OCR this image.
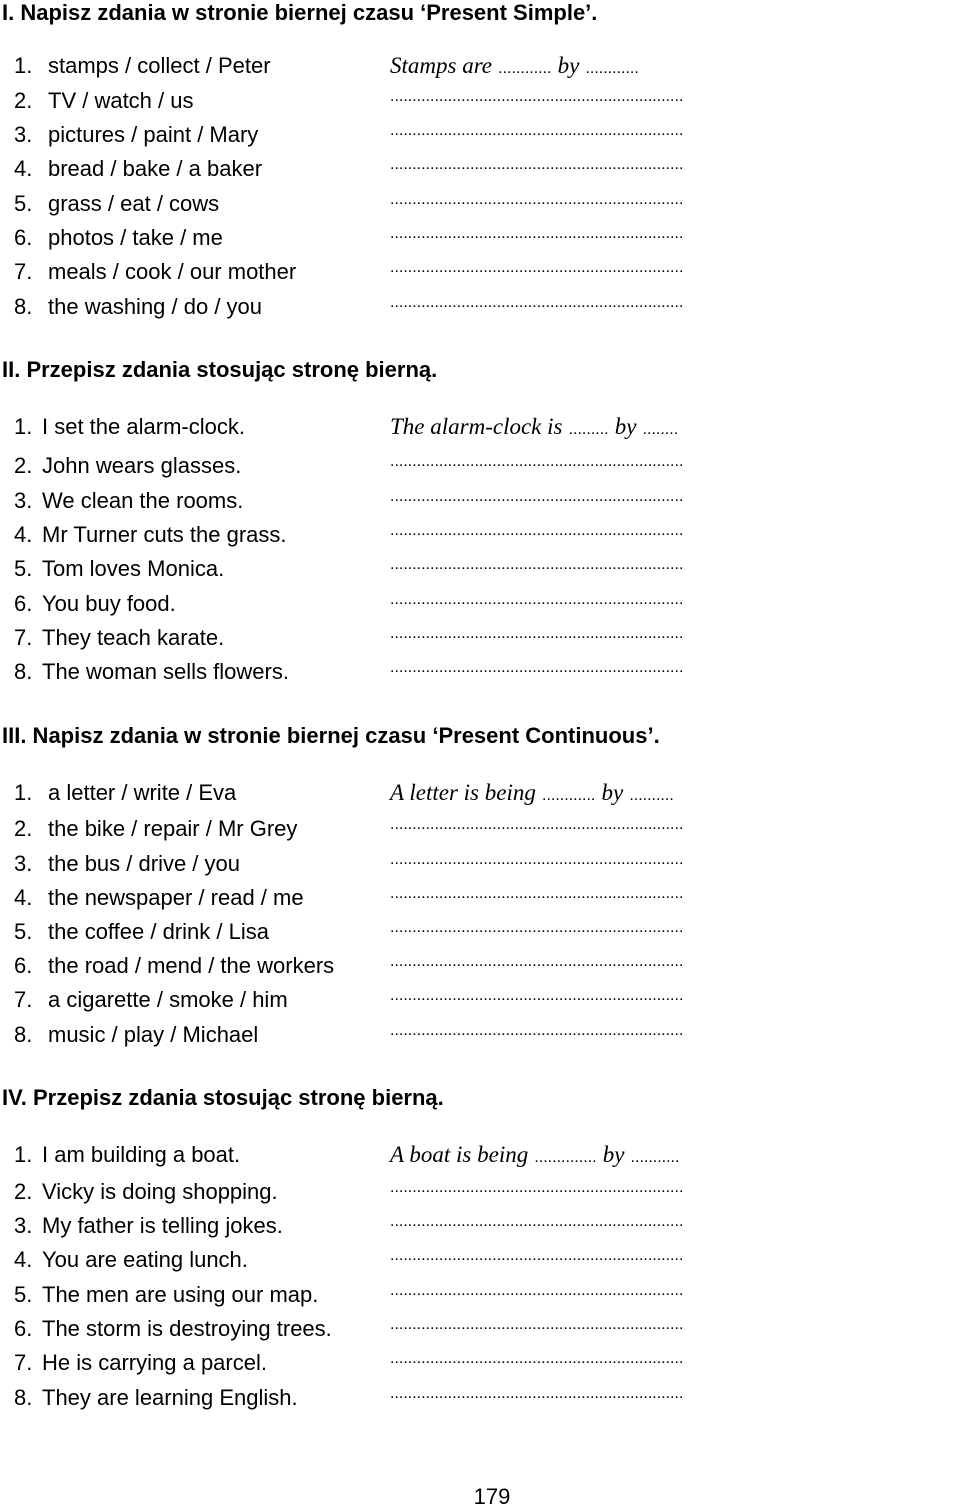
I. Napisz zdania w stronie biernej czasu ‘Present Simple’.
1. stamps / collect / Peter	Stamps are ............ by ............
2. TV / watch / us	..................................................................
3. pictures / paint / Mary	..................................................................
4. bread / bake / a baker	..................................................................
5. grass / eat / cows	..................................................................
6. photos / take / me	..................................................................
7. meals / cook / our mother	..................................................................
8. the washing / do / you	..................................................................
II. Przepisz zdania stosując stronę bierną.
1. I set the alarm-clock.	The alarm-clock is ......... by ........
2. John wears glasses.	..................................................................
3. We clean the rooms.	..................................................................
4. Mr Turner cuts the grass.	..................................................................
5. Tom loves Monica.	..................................................................
6. You buy food.	..................................................................
7. They teach karate.	..................................................................
8. The woman sells flowers.	..................................................................
III. Napisz zdania w stronie biernej czasu ‘Present Continuous’.
1. a letter / write / Eva	A letter is being ............ by ..........
2. the bike / repair / Mr Grey	..................................................................
3. the bus / drive / you	..................................................................
4. the newspaper / read / me	..................................................................
5. the coffee / drink / Lisa	..................................................................
6. the road / mend / the workers	..................................................................
7. a cigarette / smoke / him	..................................................................
8. music / play / Michael	..................................................................
IV. Przepisz zdania stosując stronę bierną.
1. I am building a boat.	A boat is being .............. by ...........
2. Vicky is doing shopping.	..................................................................
3. My father is telling jokes.	..................................................................
4. You are eating lunch.	..................................................................
5. The men are using our map.	..................................................................
6. The storm is destroying trees.	..................................................................
7. He is carrying a parcel.	..................................................................
8. They are learning English.	..................................................................
179
